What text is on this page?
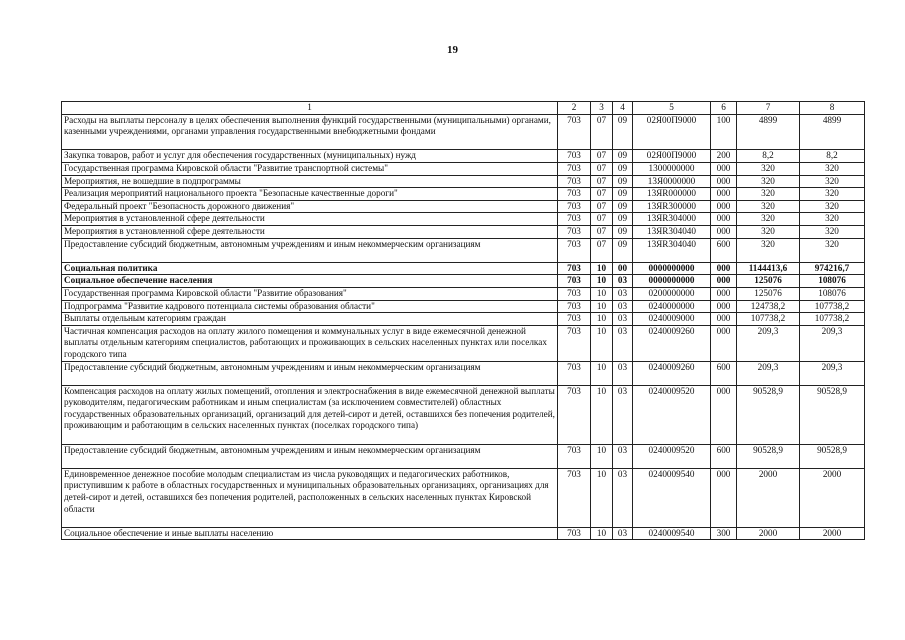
19
1	2	3	4	5	6	7	8
Расходы на выплаты персоналу в целях обеспечения выполнения функций государственными (муниципальными) органами, казенными учреждениями, органами управления государственными внебюджетными фондами	703	07	09	02Я00П9000	100	4899	4899
Закупка товаров, работ и услуг для обеспечения государственных (муниципальных) нужд	703	07	09	02Я00П9000	200	8,2	8,2
Государственная программа Кировской области "Развитие транспортной системы"	703	07	09	1300000000	000	320	320
Мероприятия, не вошедшие в подпрограммы	703	07	09	13Я0000000	000	320	320
Реализация мероприятий национального проекта "Безопасные качественные дороги"	703	07	09	13ЯR000000	000	320	320
Федеральный проект "Безопасность дорожного движения"	703	07	09	13ЯR300000	000	320	320
Мероприятия в установленной сфере деятельности	703	07	09	13ЯR304000	000	320	320
Мероприятия в установленной сфере деятельности	703	07	09	13ЯR304040	000	320	320
Предоставление субсидий бюджетным, автономным учреждениям и иным некоммерческим организациям	703	07	09	13ЯR304040	600	320	320
Социальная политика	703	10	00	0000000000	000	1144413,6	974216,7
Социальное обеспечение населения	703	10	03	0000000000	000	125076	108076
Государственная программа Кировской области "Развитие образования"	703	10	03	0200000000	000	125076	108076
Подпрограмма "Развитие кадрового потенциала системы образования области"	703	10	03	0240000000	000	124738,2	107738,2
Выплаты отдельным категориям граждан	703	10	03	0240009000	000	107738,2	107738,2
Частичная компенсация расходов на оплату жилого помещения и коммунальных услуг в виде ежемесячной денежной выплаты отдельным категориям специалистов, работающих и проживающих в сельских населенных пунктах или поселках городского типа	703	10	03	0240009260	000	209,3	209,3
Предоставление субсидий бюджетным, автономным учреждениям и иным некоммерческим организациям	703	10	03	0240009260	600	209,3	209,3
Компенсация расходов на оплату жилых помещений, отопления и электроснабжения в виде ежемесячной денежной выплаты руководителям, педагогическим работникам и иным специалистам (за исключением совместителей) областных государственных образовательных организаций, организаций для детей-сирот и детей, оставшихся без попечения родителей, проживающим и работающим в сельских населенных пунктах (поселках городского типа)	703	10	03	0240009520	000	90528,9	90528,9
Предоставление субсидий бюджетным, автономным учреждениям и иным некоммерческим организациям	703	10	03	0240009520	600	90528,9	90528,9
Единовременное денежное пособие молодым специалистам из числа руководящих и педагогических работников, приступившим к работе в областных государственных и муниципальных образовательных организациях, организациях для детей-сирот и детей, оставшихся без попечения родителей, расположенных в сельских населенных пунктах Кировской области	703	10	03	0240009540	000	2000	2000
Социальное обеспечение и иные выплаты населению	703	10	03	0240009540	300	2000	2000
